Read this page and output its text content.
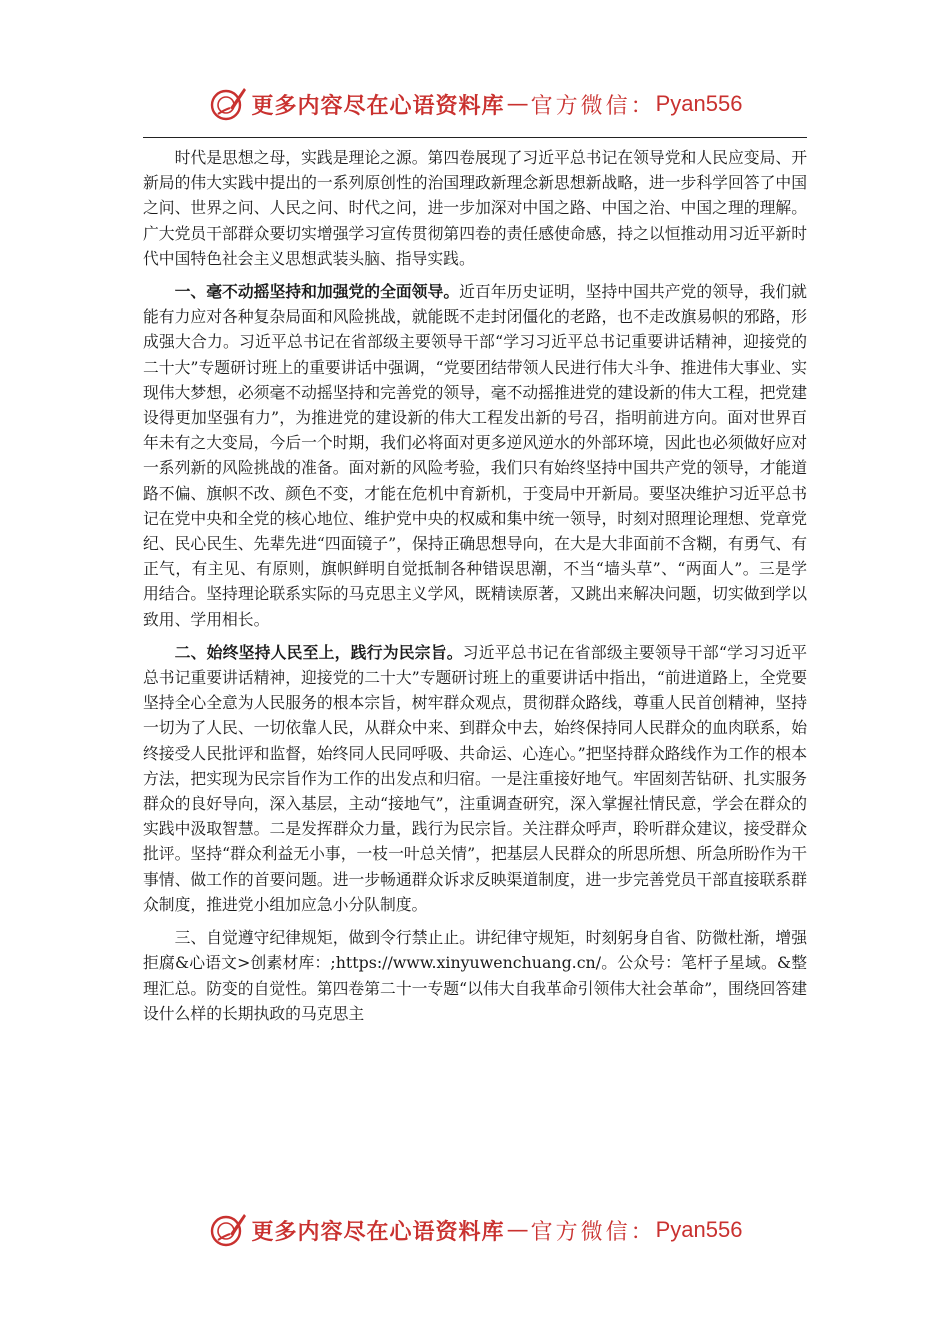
更多内容尽在心语资料库 — 官方微信： Pyan556

时代是思想之母，实践是理论之源。第四卷展现了习近平总书记在领导党和人民应变局、开新局的伟大实践中提出的一系列原创性的治国理政新理念新思想新战略，进一步科学回答了中国之问、世界之问、人民之问、时代之问，进一步加深对中国之路、中国之治、中国之理的理解。广大党员干部群众要切实增强学习宣传贯彻第四卷的责任感使命感，持之以恒推动用习近平新时代中国特色社会主义思想武装头脑、指导实践。

一、毫不动摇坚持和加强党的全面领导。近百年历史证明，坚持中国共产党的领导，我们就能有力应对各种复杂局面和风险挑战，就能既不走封闭僵化的老路，也不走改旗易帜的邪路，形成强大合力。习近平总书记在省部级主要领导干部“学习习近平总书记重要讲话精神，迎接党的二十大”专题研讨班上的重要讲话中强调，“党要团结带领人民进行伟大斗争、推进伟大事业、实现伟大梦想，必须毫不动摇坚持和完善党的领导，毫不动摇推进党的建设新的伟大工程，把党建设得更加坚强有力”，为推进党的建设新的伟大工程发出新的号召，指明前进方向。面对世界百年未有之大变局，今后一个时期，我们必将面对更多逆风逆水的外部环境，因此也必须做好应对一系列新的风险挑战的准备。面对新的风险考验，我们只有始终坚持中国共产党的领导，才能道路不偏、旗帜不改、颜色不变，才能在危机中育新机，于变局中开新局。要坚决维护习近平总书记在党中央和全党的核心地位、维护党中央的权威和集中统一领导，时刻对照理论理想、党章党纪、民心民生、先辈先进“四面镜子”，保持正确思想导向，在大是大非面前不含糊，有勇气、有正气，有主见、有原则，旗帜鲜明自觉抵制各种错误思潮，不当“墙头草”、“两面人”。三是学用结合。坚持理论联系实际的马克思主义学风，既精读原著，又跳出来解决问题，切实做到学以致用、学用相长。

二、始终坚持人民至上，践行为民宗旨。习近平总书记在省部级主要领导干部“学习习近平总书记重要讲话精神，迎接党的二十大”专题研讨班上的重要讲话中指出，“前进道路上，全党要坚持全心全意为人民服务的根本宗旨，树牢群众观点，贯彻群众路线，尊重人民首创精神，坚持一切为了人民、一切依靠人民，从群众中来、到群众中去，始终保持同人民群众的血肉联系，始终接受人民批评和监督，始终同人民同呼吸、共命运、心连心。”把坚持群众路线作为工作的根本方法，把实现为民宗旨作为工作的出发点和归宿。一是注重接好地气。牢固刻苦钻研、扎实服务群众的良好导向，深入基层，主动“接地气”，注重调查研究，深入掌握社情民意，学会在群众的实践中汲取智慧。二是发挥群众力量，践行为民宗旨。关注群众呼声，聆听群众建议，接受群众批评。坚持“群众利益无小事，一枝一叶总关情”，把基层人民群众的所思所想、所急所盼作为干事情、做工作的首要问题。进一步畅通群众诉求反映渠道制度，进一步完善党员干部直接联系群众制度，推进党小组加应急小分队制度。

三、自觉遵守纪律规矩，做到令行禁止止。讲纪律守规矩，时刻躬身自省、防微杜渐，增强拒腐&心语文>创素材库：;https://www.xinyuwenchuang.cn/。公众号：笔杆子星域。&整理汇总。防变的自觉性。第四卷第二十一专题“以伟大自我革命引领伟大社会革命”，围绕回答建设什么样的长期执政的马克思主

更多内容尽在心语资料库 — 官方微信： Pyan556
